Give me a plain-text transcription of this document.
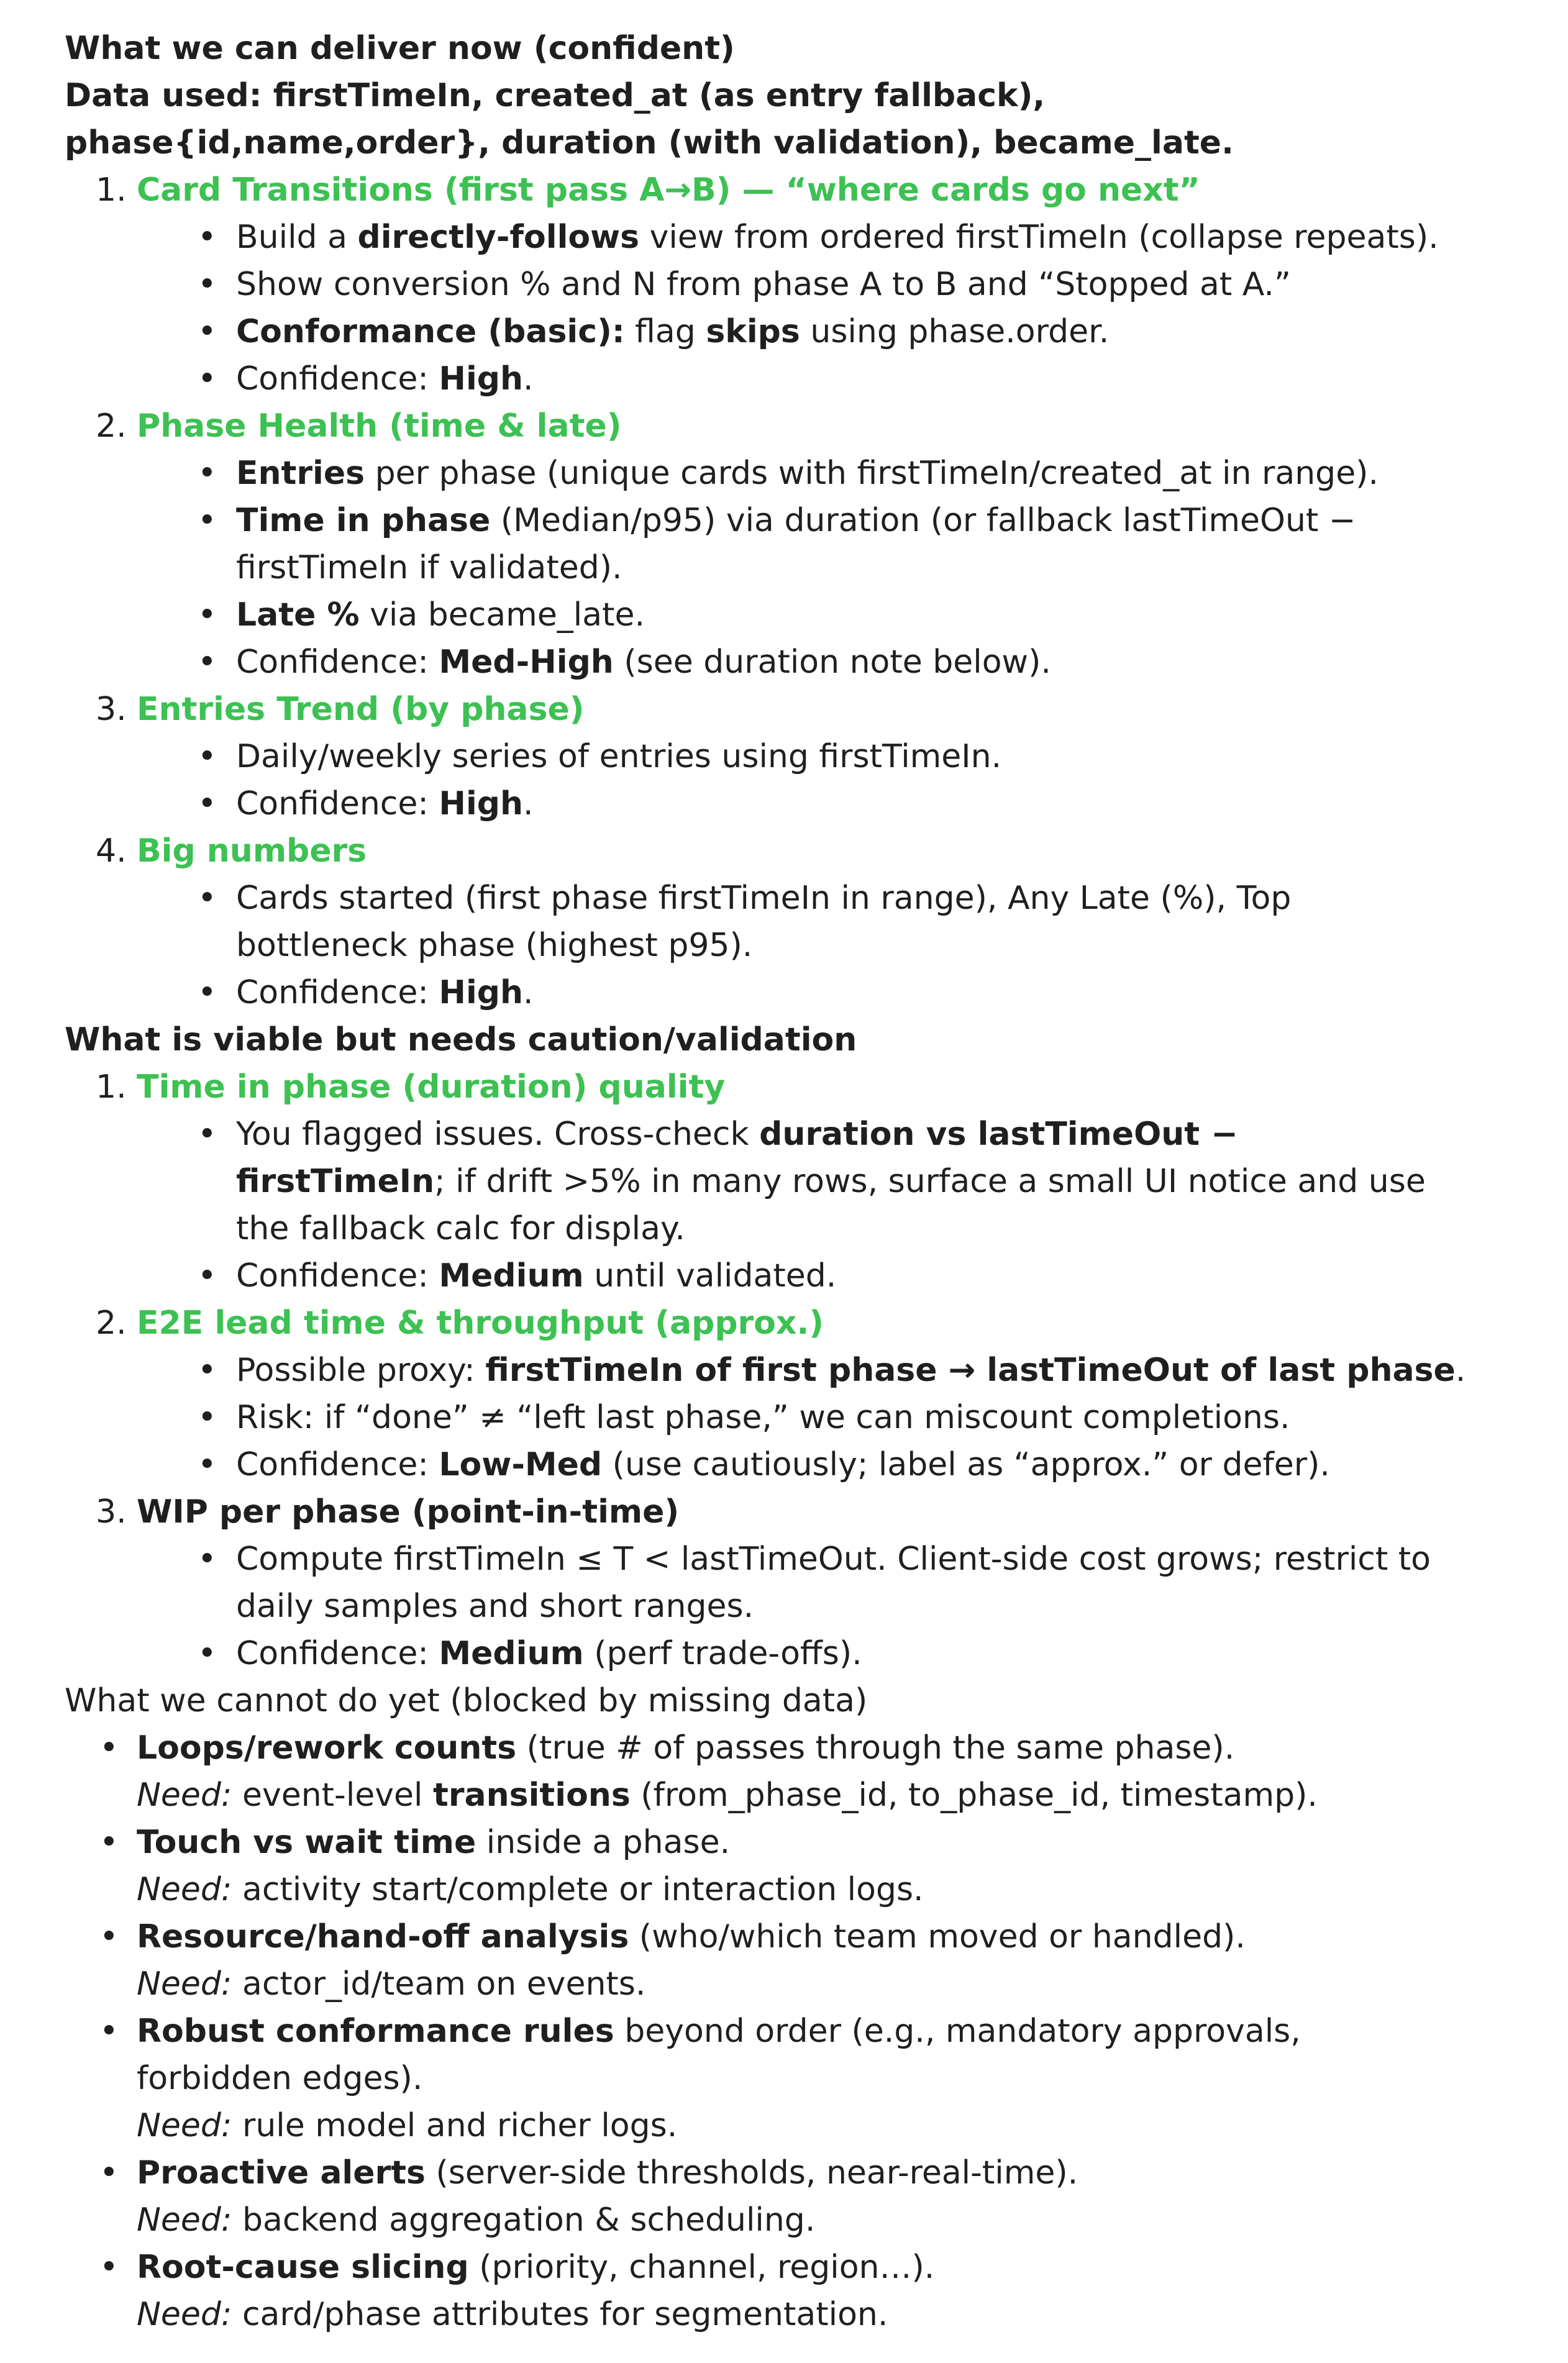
What we can deliver now (confident)
Data used: firstTimeIn, created_at (as entry fallback), phase{id,name,order}, duration (with validation), became_late.
1. Card Transitions (first pass A→B) — “where cards go next”
• Build a directly-follows view from ordered firstTimeIn (collapse repeats).
• Show conversion % and N from phase A to B and “Stopped at A.”
• Conformance (basic): flag skips using phase.order.
• Confidence: High.
2. Phase Health (time & late)
• Entries per phase (unique cards with firstTimeIn/created_at in range).
• Time in phase (Median/p95) via duration (or fallback lastTimeOut − firstTimeIn if validated).
• Late % via became_late.
• Confidence: Med-High (see duration note below).
3. Entries Trend (by phase)
• Daily/weekly series of entries using firstTimeIn.
• Confidence: High.
4. Big numbers
• Cards started (first phase firstTimeIn in range), Any Late (%), Top bottleneck phase (highest p95).
• Confidence: High.
What is viable but needs caution/validation
1. Time in phase (duration) quality
• You flagged issues. Cross-check duration vs lastTimeOut − firstTimeIn; if drift >5% in many rows, surface a small UI notice and use the fallback calc for display.
• Confidence: Medium until validated.
2. E2E lead time & throughput (approx.)
• Possible proxy: firstTimeIn of first phase → lastTimeOut of last phase.
• Risk: if “done” ≠ “left last phase,” we can miscount completions.
• Confidence: Low-Med (use cautiously; label as “approx.” or defer).
3. WIP per phase (point-in-time)
• Compute firstTimeIn ≤ T < lastTimeOut. Client-side cost grows; restrict to daily samples and short ranges.
• Confidence: Medium (perf trade-offs).
What we cannot do yet (blocked by missing data)
• Loops/rework counts (true # of passes through the same phase).
Need: event-level transitions (from_phase_id, to_phase_id, timestamp).
• Touch vs wait time inside a phase.
Need: activity start/complete or interaction logs.
• Resource/hand-off analysis (who/which team moved or handled).
Need: actor_id/team on events.
• Robust conformance rules beyond order (e.g., mandatory approvals, forbidden edges).
Need: rule model and richer logs.
• Proactive alerts (server-side thresholds, near-real-time).
Need: backend aggregation & scheduling.
• Root-cause slicing (priority, channel, region…).
Need: card/phase attributes for segmentation.
